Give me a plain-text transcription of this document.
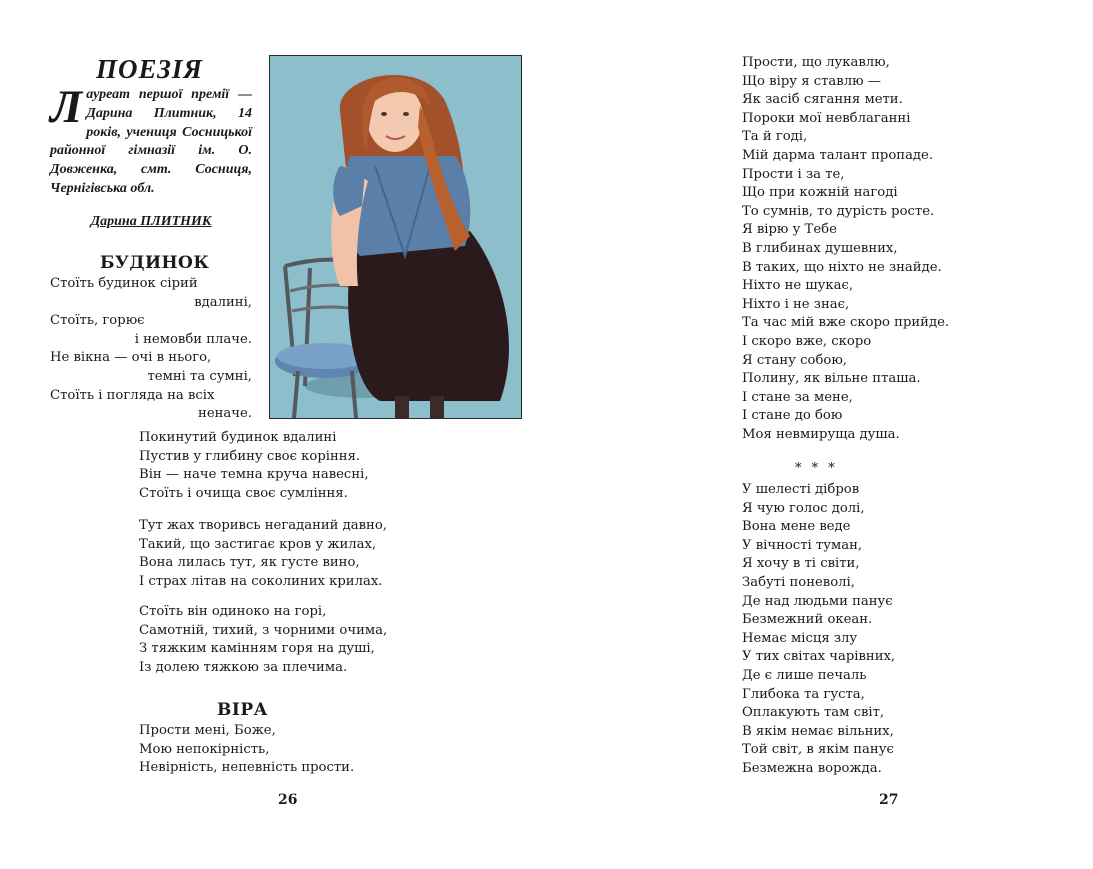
ПОЕЗІЯ

Лауреат першої премії — Дарина Плитник, 14 років, учениця Сосницької районної гімназії ім. О. Довженка, смт. Сосниця, Чернігівська обл.

Дарина ПЛИТНИК
БУДИНОК
Стоїть будинок сірий
вдалині,
Стоїть, горює
і немовби плаче.
Не вікна — очі в нього,
темні та сумні,
Стоїть і погляда на всіх
неначе.
Покинутий будинок вдалині
Пустив у глибину своє коріння.
Він — наче темна круча навесні,
Стоїть і очища своє сумління.
Тут жах творивсь негаданий давно,
Такий, що застигає кров у жилах,
Вона лилась тут, як густе вино,
І страх літав на соколиних крилах.
Стоїть він одиноко на горі,
Самотній, тихий, з чорними очима,
З тяжким камінням горя на душі,
Із долею тяжкою за плечима.
ВІРА
Прости мені, Боже,
Мою непокірність,
Невірність, непевність прости.
26
Прости, що лукавлю,
Що віру я ставлю —
Як засіб сягання мети.
Пороки мої невблаганні
Та й годі,
Мій дарма талант пропаде.
Прости і за те,
Що при кожній нагоді
То сумнів, то дурість росте.
Я вірю у Тебе
В глибинах душевних,
В таких, що ніхто не знайде.
Ніхто не шукає,
Ніхто і не знає,
Та час мій вже скоро прийде.
І скоро вже, скоро
Я стану собою,
Полину, як вільне пташа.
І стане за мене,
І стане до бою
Моя невмируща душа.
* * *
У шелесті дібров
Я чую голос долі,
Вона мене веде
У вічності туман,
Я хочу в ті світи,
Забуті поневолі,
Де над людьми панує
Безмежний океан.
Немає місця злу
У тих світах чарівних,
Де є лише печаль
Глибока та густа,
Оплакують там світ,
В якім немає вільних,
Той світ, в якім панує
Безмежна ворожда.
27
